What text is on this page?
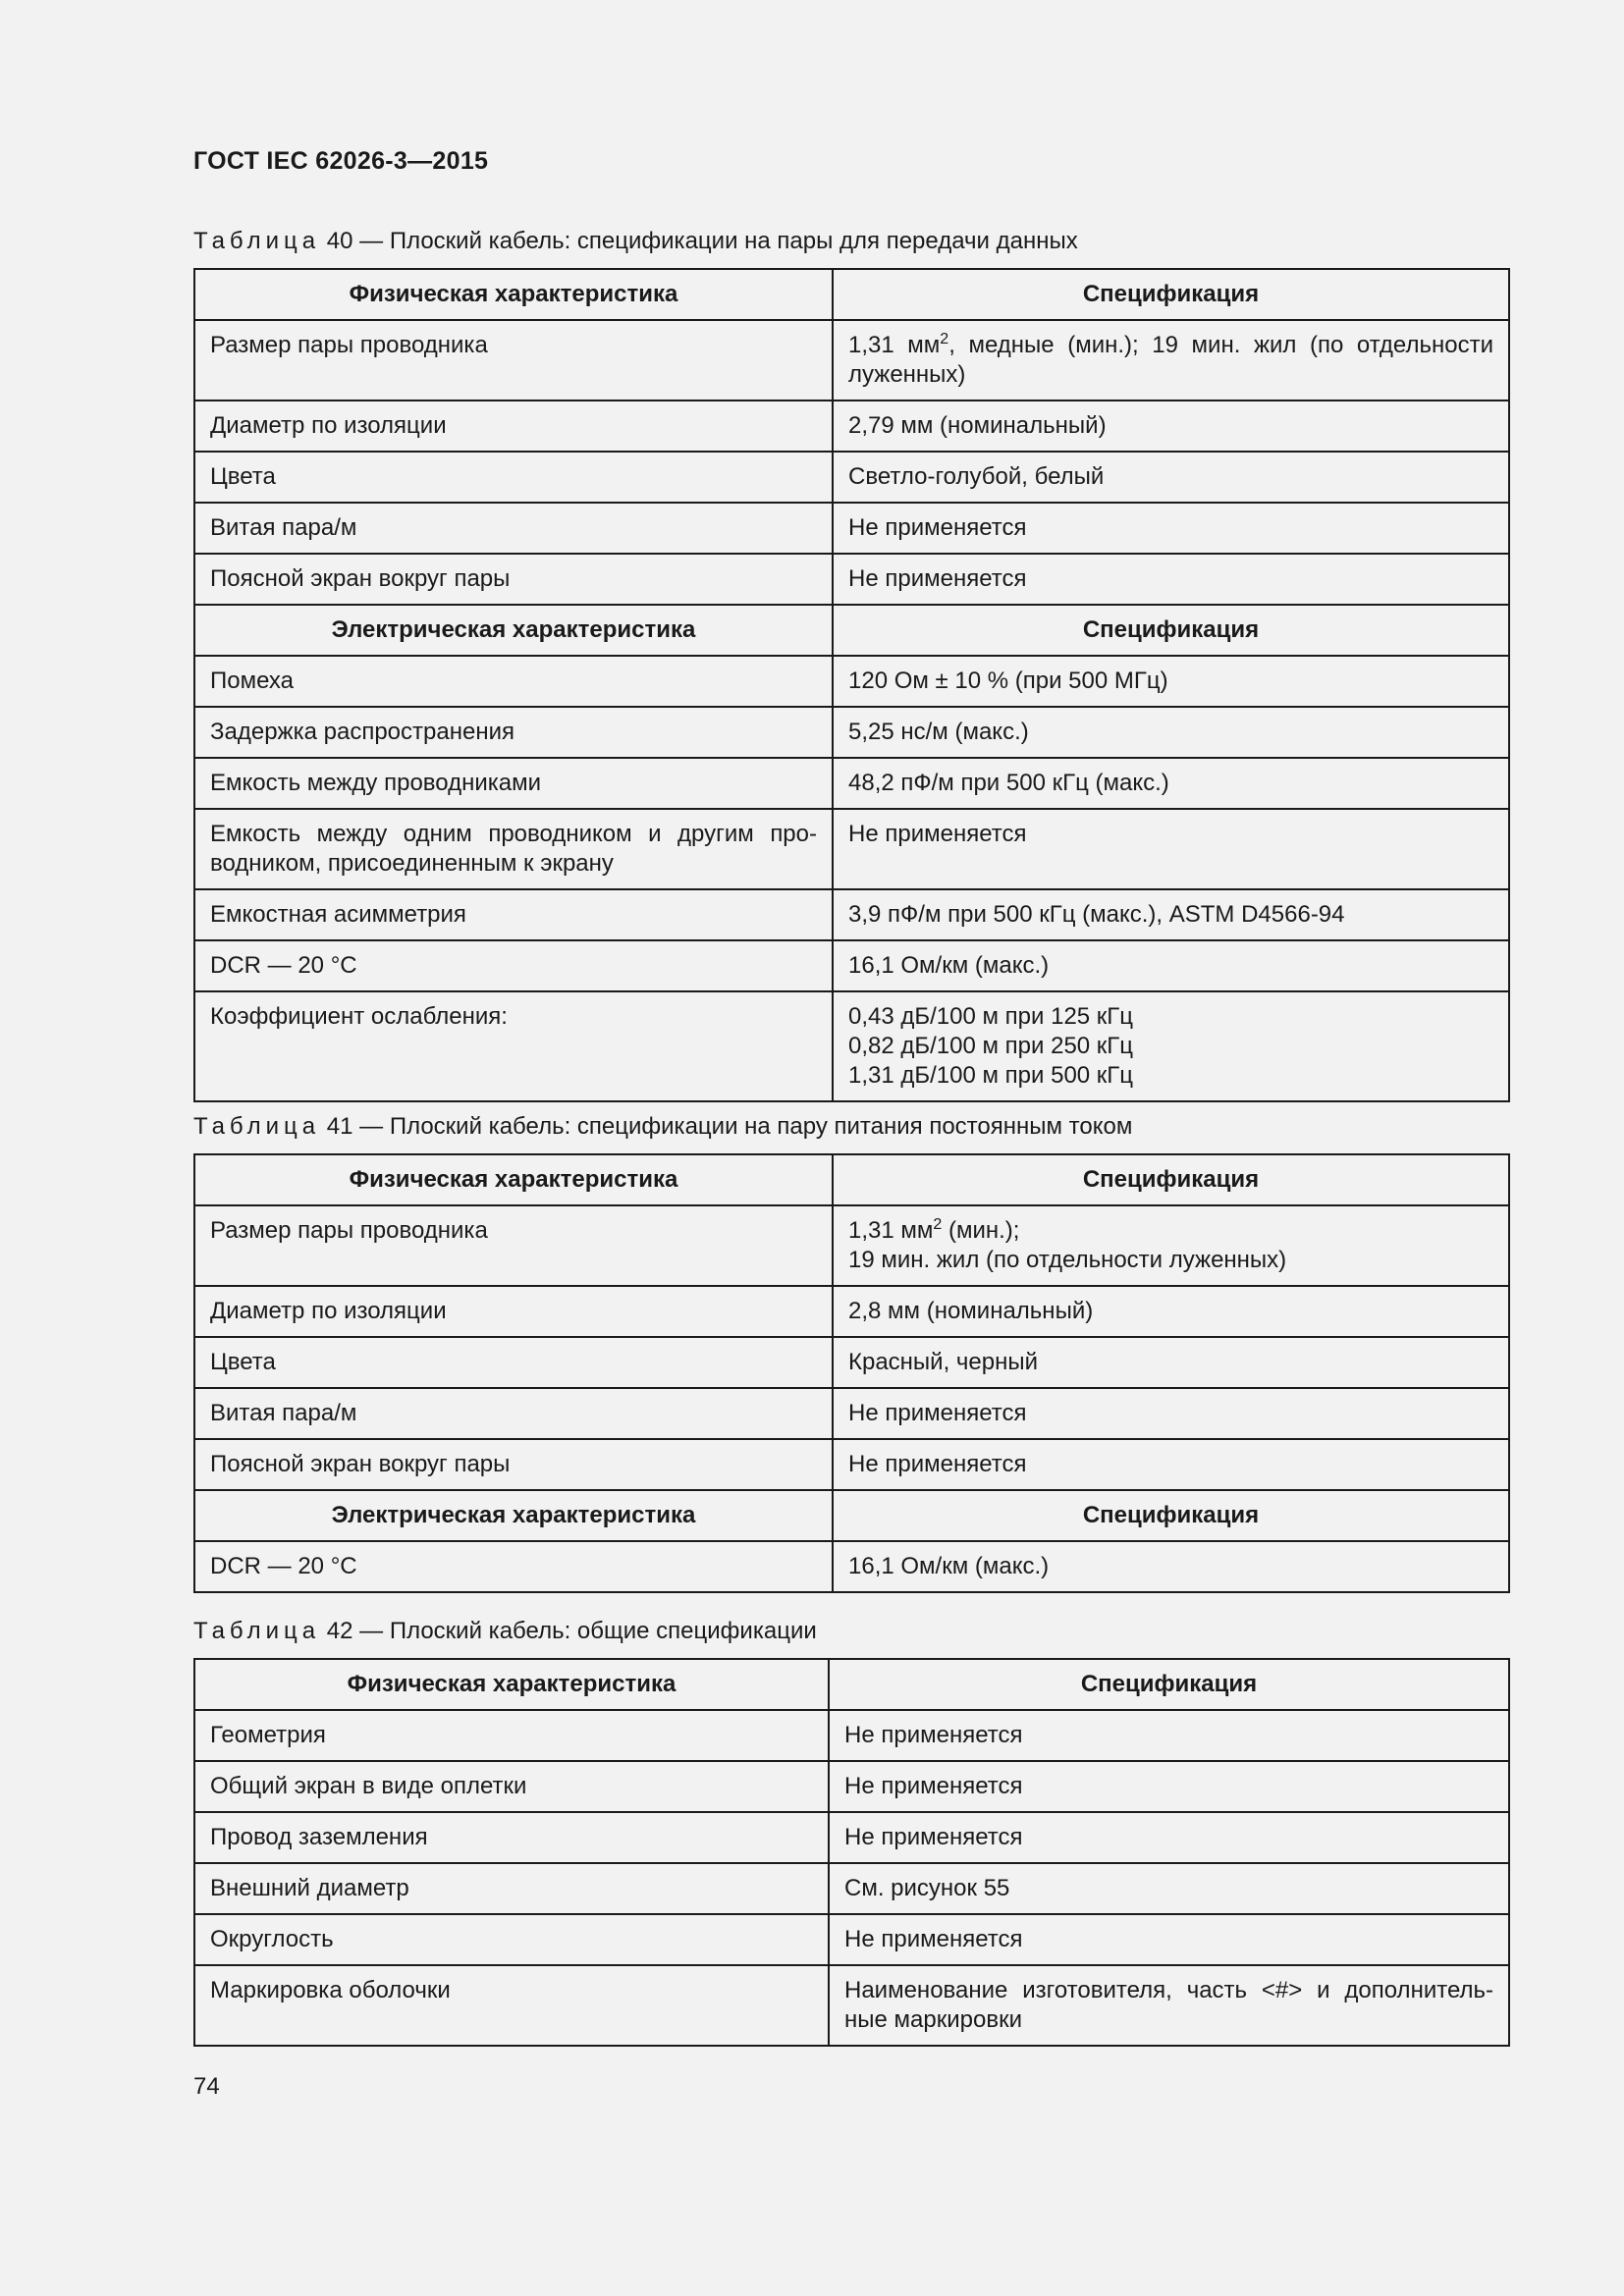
ГОСТ IEC 62026-3—2015
Таблица 40 — Плоский кабель: спецификации на пары для передачи данных
Физическая характеристика	Спецификация
Размер пары проводника	1,31 $мм^2$, медные (мин.); 19 мин. жил (по отдельности луженных)
Диаметр по изоляции	2,79 мм (номинальный)
Цвета	Светло-голубой, белый
Витая пара/м	Не применяется
Поясной экран вокруг пары	Не применяется
Электрическая характеристика	Спецификация
Помеха	120 Ом ± 10 % (при 500 МГц)
Задержка распространения	5,25 нс/м (макс.)
Емкость между проводниками	48,2 пФ/м при 500 кГц (макс.)
Емкость между одним проводником и другим про-водником, присоединенным к экрану	Не применяется
Емкостная асимметрия	3,9 пФ/м при 500 кГц (макс.), ASTM D4566-94
DCR — 20 °C	16,1 Ом/км (макс.)
Коэффициент ослабления:	0,43 дБ/100 м при 125 кГц
0,82 дБ/100 м при 250 кГц
1,31 дБ/100 м при 500 кГц
Таблица 41 — Плоский кабель: спецификации на пару питания постоянным током
Физическая характеристика	Спецификация
Размер пары проводника	1,31 $мм^2$ (мин.);
19 мин. жил (по отдельности луженных)
Диаметр по изоляции	2,8 мм (номинальный)
Цвета	Красный, черный
Витая пара/м	Не применяется
Поясной экран вокруг пары	Не применяется
Электрическая характеристика	Спецификация
DCR — 20 °C	16,1 Ом/км (макс.)
Таблица 42 — Плоский кабель: общие спецификации
Физическая характеристика	Спецификация
Геометрия	Не применяется
Общий экран в виде оплетки	Не применяется
Провод заземления	Не применяется
Внешний диаметр	См. рисунок 55
Округлость	Не применяется
Маркировка оболочки	Наименование изготовителя, часть <#> и дополнитель-ные маркировки
74
